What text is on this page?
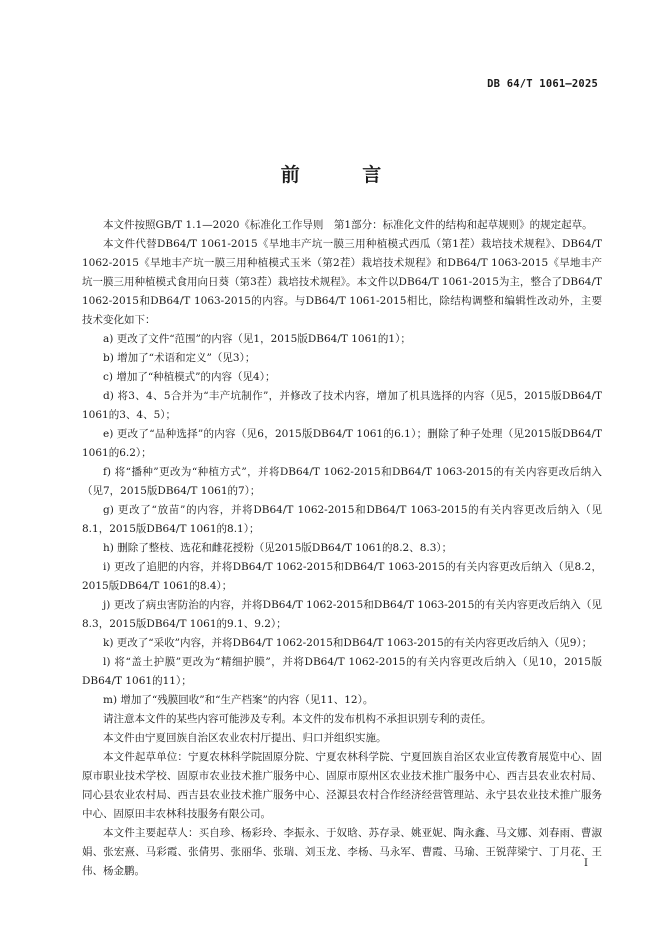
DB 64/T 1061—2025
前 言

本文件按照GB/T 1.1—2020《标准化工作导则　第1部分：标准化文件的结构和起草规则》的规定起草。

本文件代替DB64/T 1061-2015《旱地丰产坑一膜三用种植模式西瓜（第1茬）栽培技术规程》、DB64/T 1062-2015《旱地丰产坑一膜三用种植模式玉米（第2茬）栽培技术规程》和DB64/T 1063-2015《旱地丰产坑一膜三用种植模式食用向日葵（第3茬）栽培技术规程》。本文件以DB64/T 1061-2015为主，整合了DB64/T 1062-2015和DB64/T 1063-2015的内容。与DB64/T 1061-2015相比，除结构调整和编辑性改动外，主要技术变化如下：

a) 更改了文件“范围”的内容（见1，2015版DB64/T 1061的1）；

b) 增加了“术语和定义”（见3）；

c) 增加了“种植模式”的内容（见4）；

d) 将3、4、5合并为“丰产坑制作”，并修改了技术内容，增加了机具选择的内容（见5，2015版DB64/T 1061的3、4、5）；

e) 更改了“品种选择”的内容（见6，2015版DB64/T 1061的6.1）；删除了种子处理（见2015版DB64/T 1061的6.2）；

f) 将“播种”更改为“种植方式”，并将DB64/T 1062-2015和DB64/T 1063-2015的有关内容更改后纳入（见7，2015版DB64/T 1061的7）；

g) 更改了“放苗”的内容，并将DB64/T 1062-2015和DB64/T 1063-2015的有关内容更改后纳入（见8.1，2015版DB64/T 1061的8.1）；

h) 删除了整枝、选花和雌花授粉（见2015版DB64/T 1061的8.2、8.3）；

i) 更改了追肥的内容，并将DB64/T 1062-2015和DB64/T 1063-2015的有关内容更改后纳入（见8.2，2015版DB64/T 1061的8.4）；

j) 更改了病虫害防治的内容，并将DB64/T 1062-2015和DB64/T 1063-2015的有关内容更改后纳入（见8.3，2015版DB64/T 1061的9.1、9.2）；

k) 更改了“采收”内容，并将DB64/T 1062-2015和DB64/T 1063-2015的有关内容更改后纳入（见9）；

l) 将“盖土护膜”更改为“精细护膜”，并将DB64/T 1062-2015的有关内容更改后纳入（见10，2015版DB64/T 1061的11）；

m) 增加了“残膜回收”和“生产档案”的内容（见11、12）。

请注意本文件的某些内容可能涉及专利。本文件的发布机构不承担识别专利的责任。

本文件由宁夏回族自治区农业农村厅提出、归口并组织实施。

本文件起草单位：宁夏农林科学院固原分院、宁夏农林科学院、宁夏回族自治区农业宣传教育展览中心、固原市职业技术学校、固原市农业技术推广服务中心、固原市原州区农业技术推广服务中心、西吉县农业农村局、同心县农业农村局、西吉县农业技术推广服务中心、泾源县农村合作经济经营管理站、永宁县农业技术推广服务中心、固原田丰农林科技服务有限公司。

本文件主要起草人：买自珍、杨彩玲、李振永、于奴晗、苏存录、姚亚妮、陶永鑫、马文娜、刘春雨、曹淑娟、张宏熹、马彩霞、张倩男、张丽华、张瑞、刘玉龙、李杨、马永军、曹霞、马瑜、王锐萍梁宁、丁月花、王伟、杨金鹏。

I
